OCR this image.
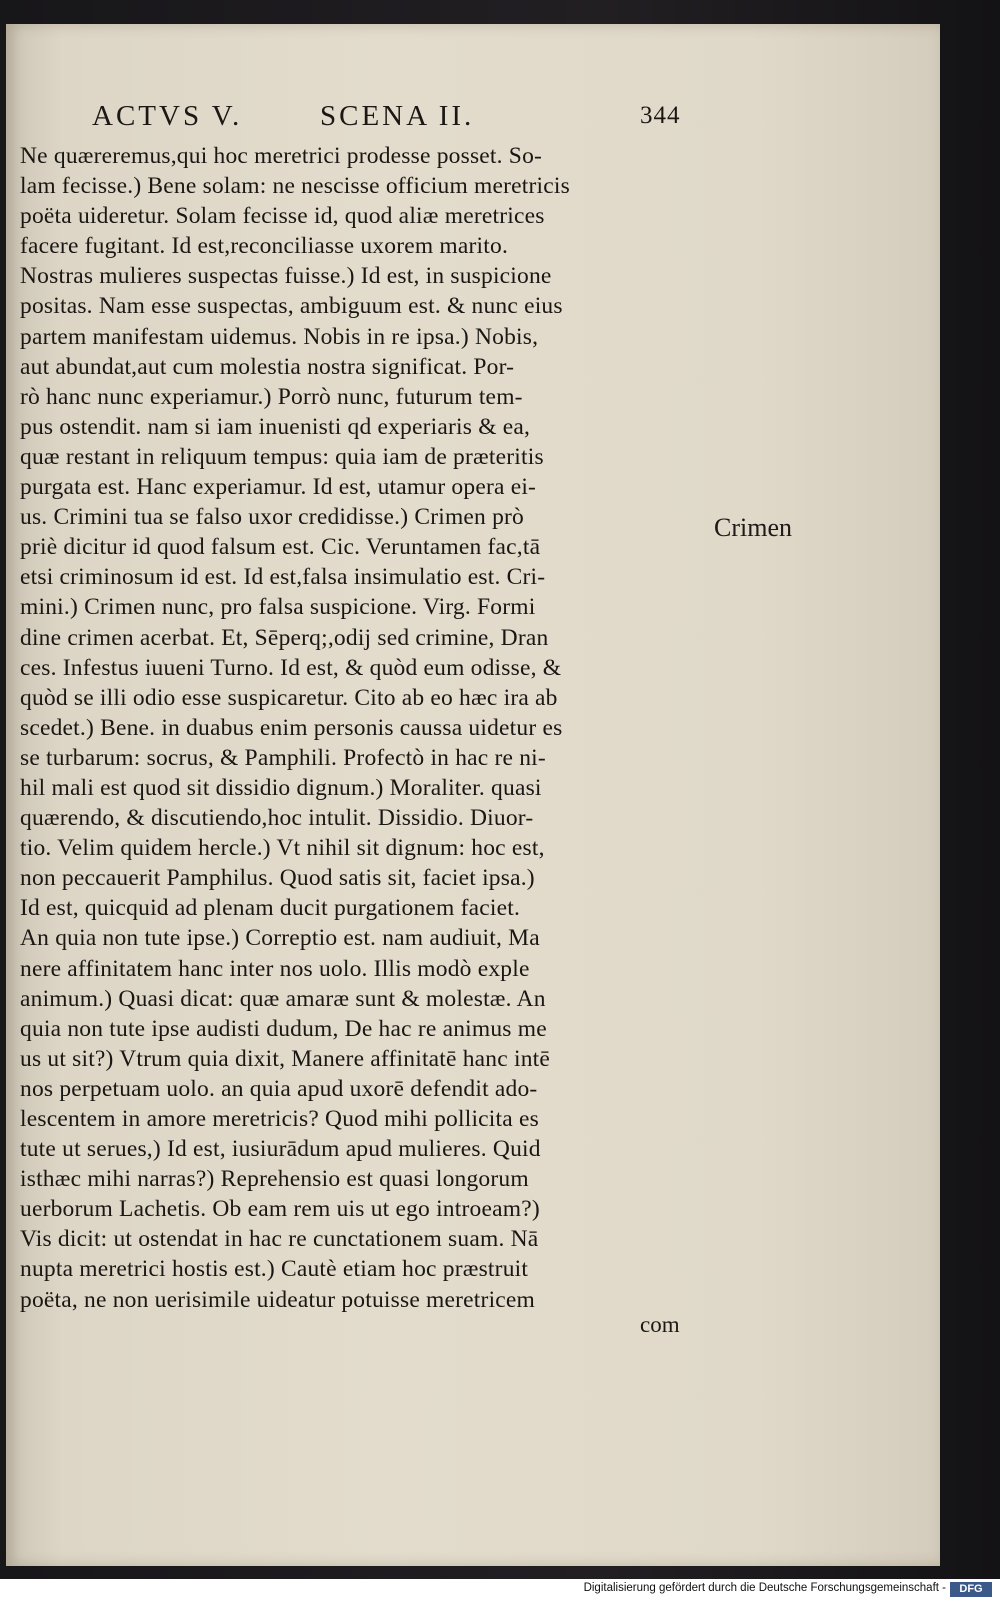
ACTVS V.	SCENA II.	344
Ne quæreremus,qui hoc meretrici prodesse posset. So-
lam fecisse.) Bene solam: ne nescisse officium meretricis
poëta uideretur. Solam fecisse id, quod aliæ meretrices
facere fugitant. Id est,reconciliasse uxorem marito.
Nostras mulieres suspectas fuisse.) Id est, in suspicione
positas. Nam esse suspectas, ambiguum est. & nunc eius
partem manifestam uidemus. Nobis in re ipsa.) Nobis,
aut abundat,aut cum molestia nostra significat. Por-
rò hanc nunc experiamur.) Porrò nunc, futurum tem-
pus ostendit. nam si iam inuenisti qd experiaris & ea,
quæ restant in reliquum tempus: quia iam de præteritis
purgata est. Hanc experiamur. Id est, utamur opera ei-
us. Crimini tua se falso uxor credidisse.) Crimen prò
priè dicitur id quod falsum est. Cic. Veruntamen fac,tā
etsi criminosum id est. Id est,falsa insimulatio est. Cri-
mini.) Crimen nunc, pro falsa suspicione. Virg. Formi
dine crimen acerbat. Et, Sēperq;,odij sed crimine, Dran
ces. Infestus iuueni Turno. Id est, & quòd eum odisse, &
quòd se illi odio esse suspicaretur. Cito ab eo hæc ira ab
scedet.) Bene. in duabus enim personis caussa uidetur es
se turbarum: socrus, & Pamphili. Profectò in hac re ni-
hil mali est quod sit dissidio dignum.) Moraliter. quasi
quærendo, & discutiendo,hoc intulit. Dissidio. Diuor-
tio. Velim quidem hercle.) Vt nihil sit dignum: hoc est,
non peccauerit Pamphilus. Quod satis sit, faciet ipsa.)
Id est, quicquid ad plenam ducit purgationem faciet.
An quia non tute ipse.) Correptio est. nam audiuit, Ma
nere affinitatem hanc inter nos uolo. Illis modò exple
animum.) Quasi dicat: quæ amaræ sunt & molestæ. An
quia non tute ipse audisti dudum, De hac re animus me
us ut sit?) Vtrum quia dixit, Manere affinitatē hanc intē
nos perpetuam uolo. an quia apud uxorē defendit ado-
lescentem in amore meretricis? Quod mihi pollicita es
tute ut serues,) Id est, iusiurādum apud mulieres. Quid
isthæc mihi narras?) Reprehensio est quasi longorum
uerborum Lachetis. Ob eam rem uis ut ego introeam?)
Vis dicit: ut ostendat in hac re cunctationem suam. Nā
nupta meretrici hostis est.) Cautè etiam hoc præstruit
poëta, ne non uerisimile uideatur potuisse meretricem
Crimen
com
Digitalisierung gefördert durch die Deutsche Forschungsgemeinschaft -	DFG
